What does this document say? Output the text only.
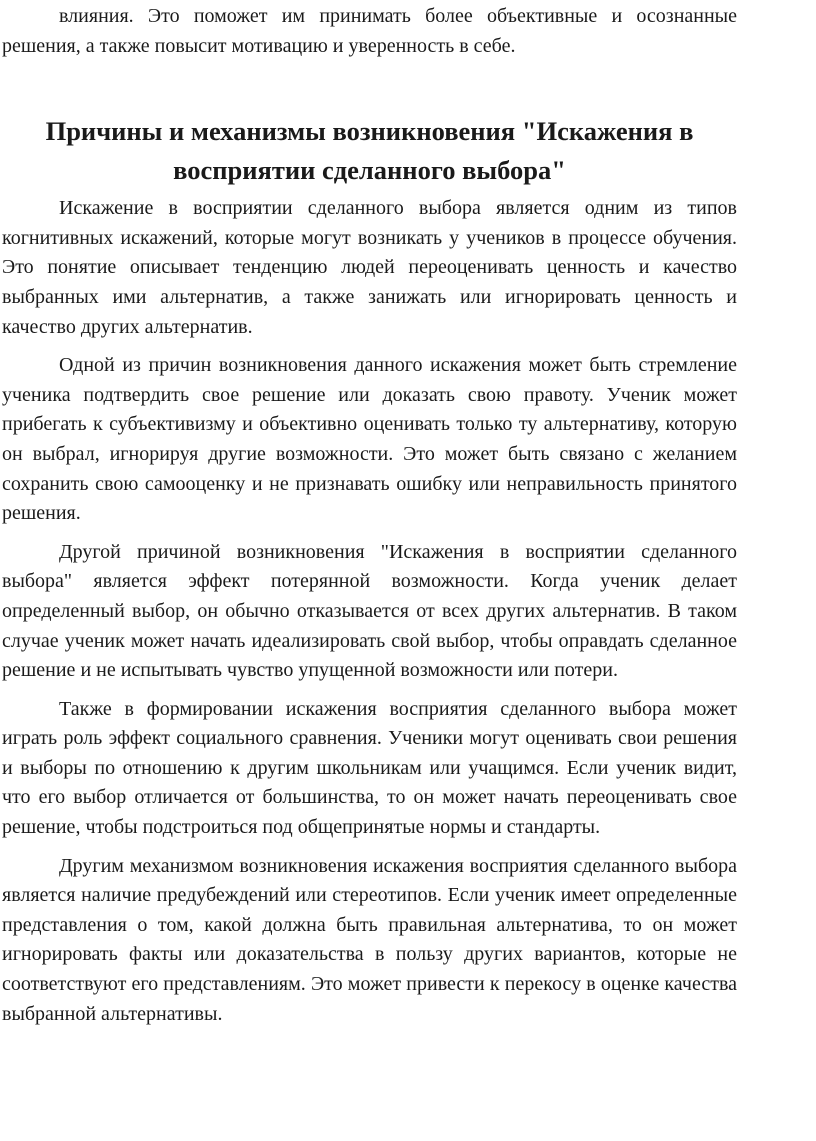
влияния. Это поможет им принимать более объективные и осознанные решения, а также повысит мотивацию и уверенность в себе.

Причины и механизмы возникновения "Искажения в восприятии сделанного выбора"

Искажение в восприятии сделанного выбора является одним из типов когнитивных искажений, которые могут возникать у учеников в процессе обучения. Это понятие описывает тенденцию людей переоценивать ценность и качество выбранных ими альтернатив, а также занижать или игнорировать ценность и качество других альтернатив.

Одной из причин возникновения данного искажения может быть стремление ученика подтвердить свое решение или доказать свою правоту. Ученик может прибегать к субъективизму и объективно оценивать только ту альтернативу, которую он выбрал, игнорируя другие возможности. Это может быть связано с желанием сохранить свою самооценку и не признавать ошибку или неправильность принятого решения.

Другой причиной возникновения "Искажения в восприятии сделанного выбора" является эффект потерянной возможности. Когда ученик делает определенный выбор, он обычно отказывается от всех других альтернатив. В таком случае ученик может начать идеализировать свой выбор, чтобы оправдать сделанное решение и не испытывать чувство упущенной возможности или потери.

Также в формировании искажения восприятия сделанного выбора может играть роль эффект социального сравнения. Ученики могут оценивать свои решения и выборы по отношению к другим школьникам или учащимся. Если ученик видит, что его выбор отличается от большинства, то он может начать переоценивать свое решение, чтобы подстроиться под общепринятые нормы и стандарты.

Другим механизмом возникновения искажения восприятия сделанного выбора является наличие предубеждений или стереотипов. Если ученик имеет определенные представления о том, какой должна быть правильная альтернатива, то он может игнорировать факты или доказательства в пользу других вариантов, которые не соответствуют его представлениям. Это может привести к перекосу в оценке качества выбранной альтернативы.
